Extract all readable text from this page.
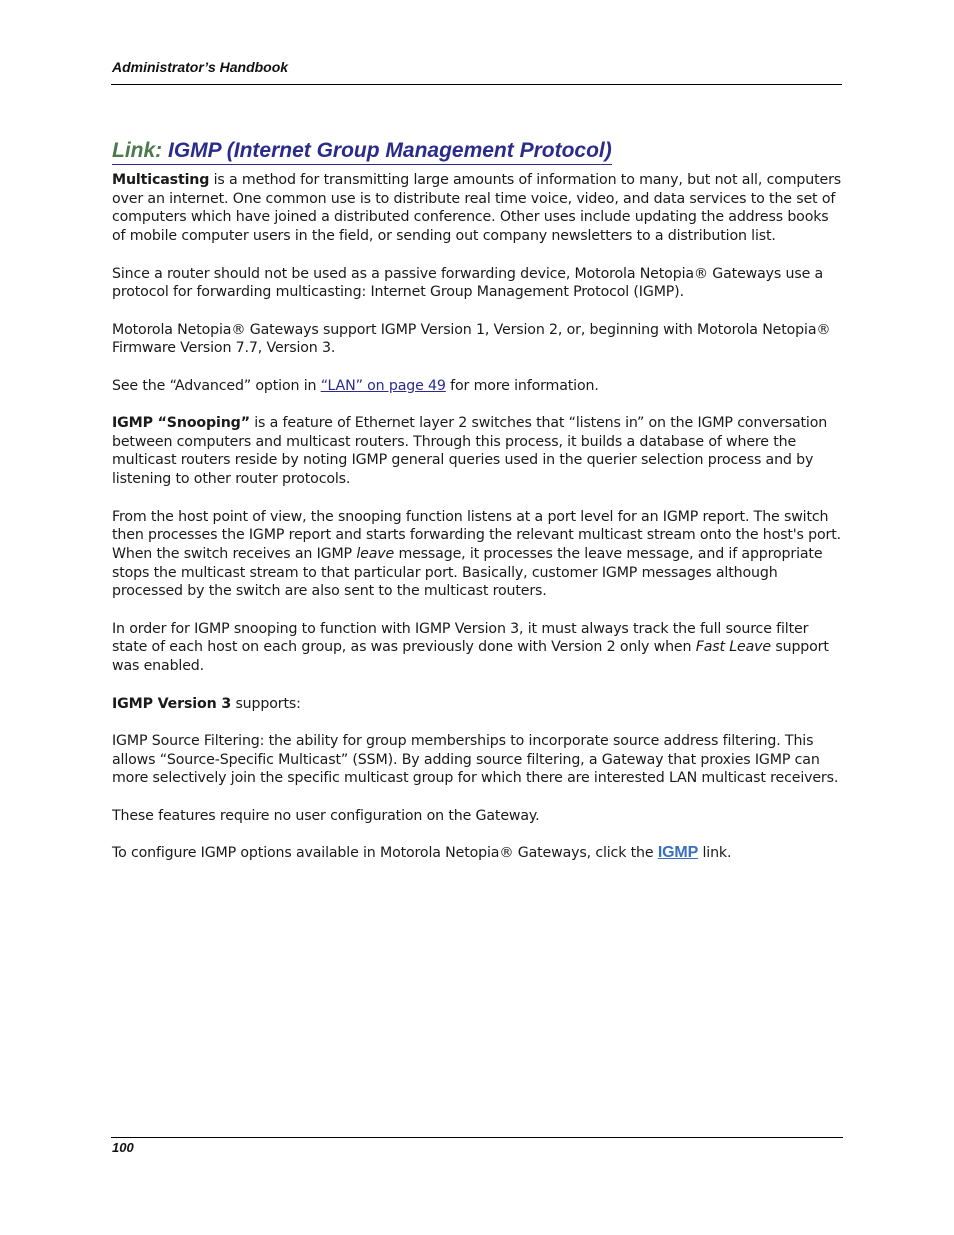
Administrator’s Handbook
Link: IGMP (Internet Group Management Protocol)

Multicasting is a method for transmitting large amounts of information to many, but not all, computers over an internet. One common use is to distribute real time voice, video, and data services to the set of computers which have joined a distributed conference. Other uses include updating the address books of mobile computer users in the field, or sending out company newsletters to a distribution list.

Since a router should not be used as a passive forwarding device, Motorola Netopia® Gateways use a protocol for forwarding multicasting: Internet Group Management Protocol (IGMP).

Motorola Netopia® Gateways support IGMP Version 1, Version 2, or, beginning with Motorola Netopia® Firmware Version 7.7, Version 3.

See the “Advanced” option in “LAN” on page 49 for more information.

IGMP “Snooping” is a feature of Ethernet layer 2 switches that “listens in” on the IGMP conversation between computers and multicast routers. Through this process, it builds a database of where the multicast routers reside by noting IGMP general queries used in the querier selection process and by listening to other router protocols.

From the host point of view, the snooping function listens at a port level for an IGMP report. The switch then processes the IGMP report and starts forwarding the relevant multicast stream onto the host's port. When the switch receives an IGMP leave message, it processes the leave message, and if appropriate stops the multicast stream to that particular port. Basically, customer IGMP messages although processed by the switch are also sent to the multicast routers.

In order for IGMP snooping to function with IGMP Version 3, it must always track the full source filter state of each host on each group, as was previously done with Version 2 only when Fast Leave support was enabled.

IGMP Version 3 supports:

IGMP Source Filtering: the ability for group memberships to incorporate source address filtering. This allows “Source-Specific Multicast” (SSM). By adding source filtering, a Gateway that proxies IGMP can more selectively join the specific multicast group for which there are interested LAN multicast receivers.

These features require no user configuration on the Gateway.

To configure IGMP options available in Motorola Netopia® Gateways, click the IGMP link.

100
